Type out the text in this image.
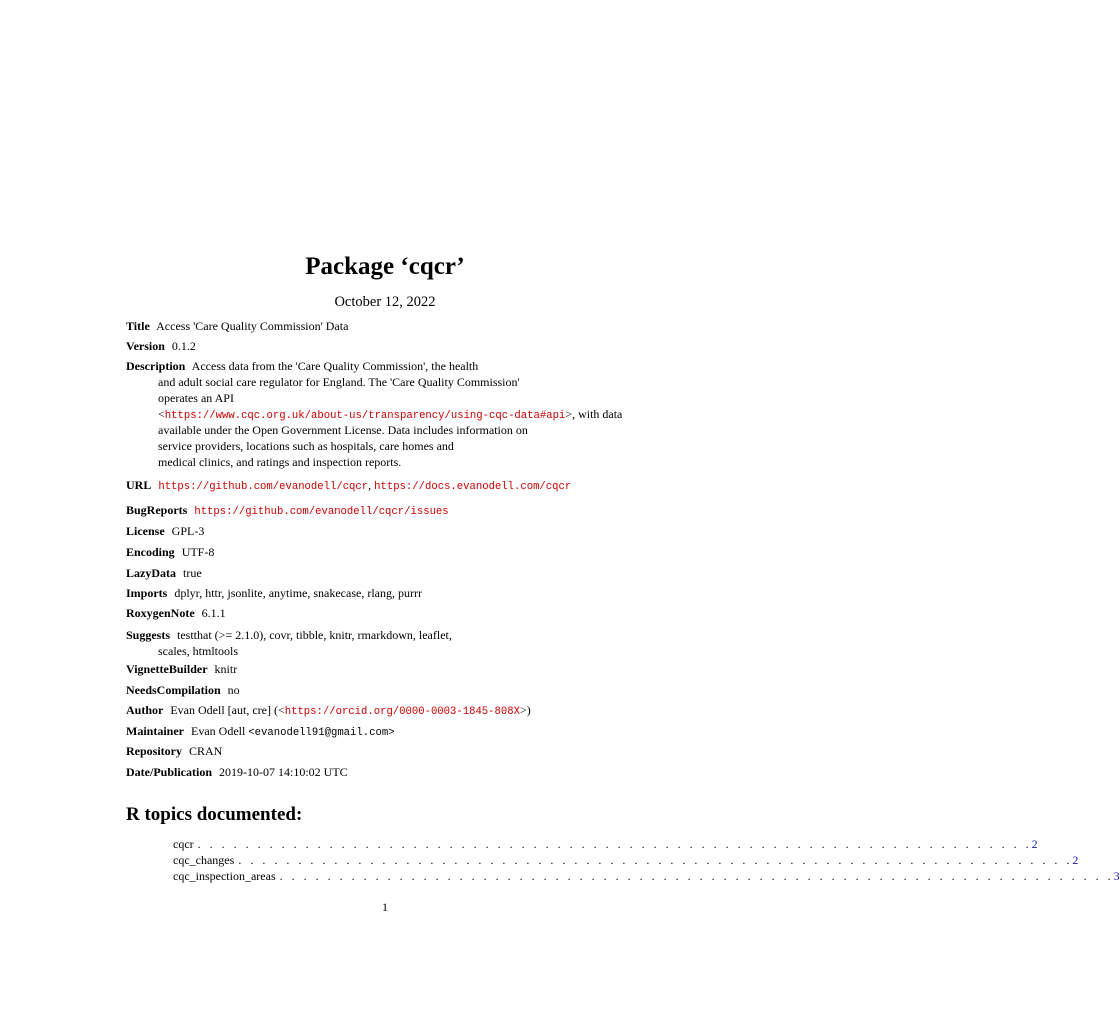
Package ‘cqcr’
October 12, 2022
Title Access 'Care Quality Commission' Data
Version 0.1.2
Description Access data from the 'Care Quality Commission', the health
and adult social care regulator for England. The 'Care Quality Commission'
operates an API
<https://www.cqc.org.uk/about-us/transparency/using-cqc-data#api>, with data
available under the Open Government License. Data includes information on
service providers, locations such as hospitals, care homes and
medical clinics, and ratings and inspection reports.
URL https://github.com/evanodell/cqcr, https://docs.evanodell.com/cqcr
BugReports https://github.com/evanodell/cqcr/issues
License GPL-3
Encoding UTF-8
LazyData true
Imports dplyr, httr, jsonlite, anytime, snakecase, rlang, purrr
RoxygenNote 6.1.1
Suggests testthat (>= 2.1.0), covr, tibble, knitr, rmarkdown, leaflet,
scales, htmltools
VignetteBuilder knitr
NeedsCompilation no
Author Evan Odell [aut, cre] (<https://orcid.org/0000-0003-1845-808X>)
Maintainer Evan Odell <evanodell91@gmail.com>
Repository CRAN
Date/Publication 2019-10-07 14:10:02 UTC
R topics documented:
cqcr . . . . . . . . . . . . . . . . . . . . . . . . . . . . . . . . . . . . . . . . . . . . . . . . . . . . . . . . . . . . . . . . . . . . . . 2
cqc_changes . . . . . . . . . . . . . . . . . . . . . . . . . . . . . . . . . . . . . . . . . . . . . . . . . . . . . . . . . . . . . . . . . . . . . . 2
cqc_inspection_areas . . . . . . . . . . . . . . . . . . . . . . . . . . . . . . . . . . . . . . . . . . . . . . . . . . . . . . . . . . . . . . . . . . . . . . 3
1
